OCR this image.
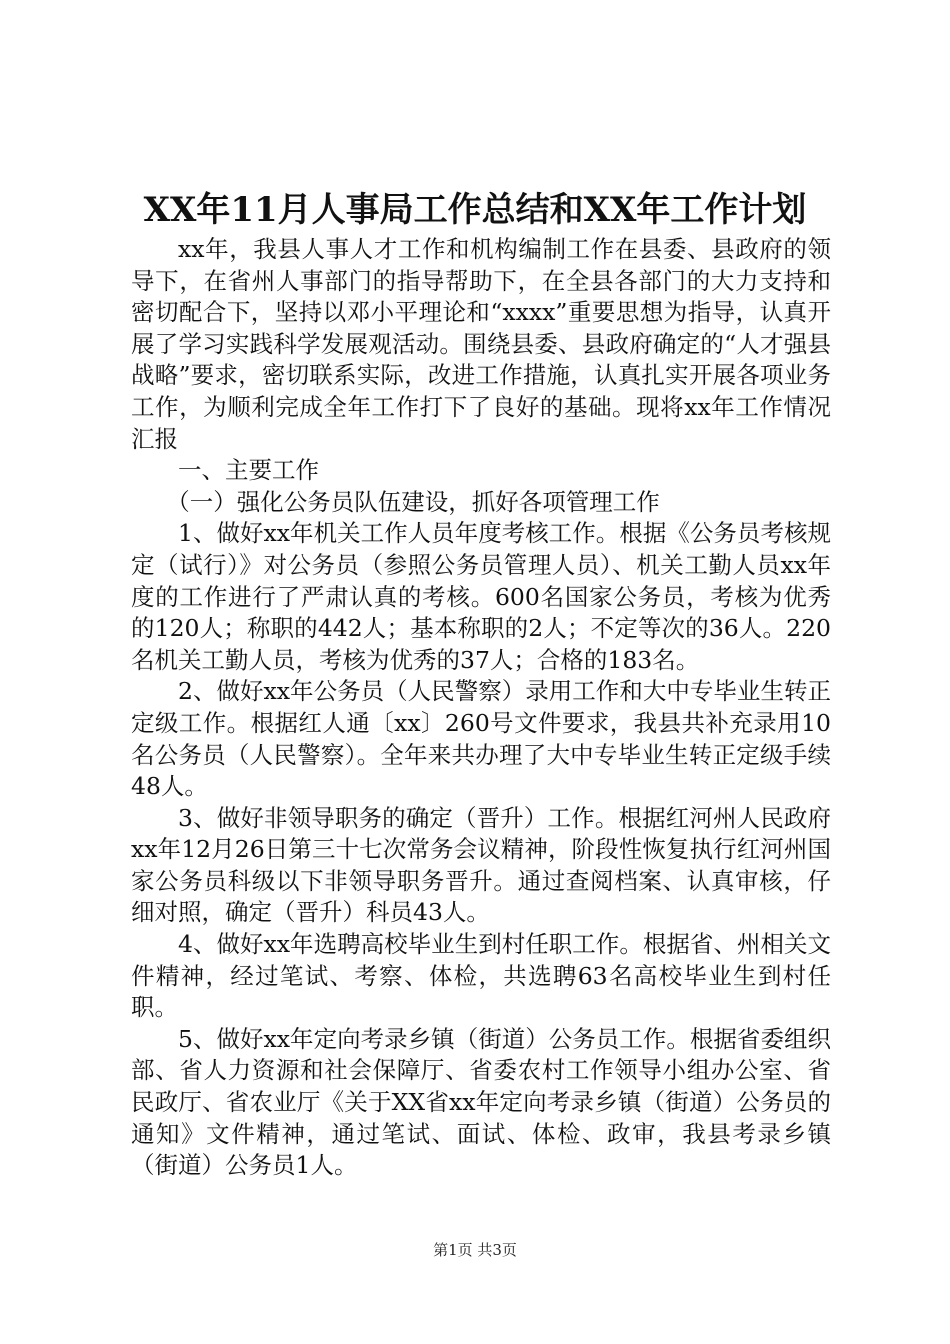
XX年11月人事局工作总结和XX年工作计划

xx年，我县人事人才工作和机构编制工作在县委、县政府的领导下，在省州人事部门的指导帮助下，在全县各部门的大力支持和密切配合下，坚持以邓小平理论和“xxxx”重要思想为指导，认真开展了学习实践科学发展观活动。围绕县委、县政府确定的“人才强县战略”要求，密切联系实际，改进工作措施，认真扎实开展各项业务工作，为顺利完成全年工作打下了良好的基础。现将xx年工作情况汇报

一、主要工作

（一）强化公务员队伍建设，抓好各项管理工作

1、做好xx年机关工作人员年度考核工作。根据《公务员考核规定（试行）》对公务员（参照公务员管理人员）、机关工勤人员xx年度的工作进行了严肃认真的考核。600名国家公务员，考核为优秀的120人；称职的442人；基本称职的2人；不定等次的36人。220名机关工勤人员，考核为优秀的37人；合格的183名。

2、做好xx年公务员（人民警察）录用工作和大中专毕业生转正定级工作。根据红人通〔xx〕260号文件要求，我县共补充录用10名公务员（人民警察）。全年来共办理了大中专毕业生转正定级手续48人。

3、做好非领导职务的确定（晋升）工作。根据红河州人民政府xx年12月26日第三十七次常务会议精神，阶段性恢复执行红河州国家公务员科级以下非领导职务晋升。通过查阅档案、认真审核，仔细对照，确定（晋升）科员43人。

4、做好xx年选聘高校毕业生到村任职工作。根据省、州相关文件精神，经过笔试、考察、体检，共选聘63名高校毕业生到村任职。

5、做好xx年定向考录乡镇（街道）公务员工作。根据省委组织部、省人力资源和社会保障厅、省委农村工作领导小组办公室、省民政厅、省农业厅《关于XX省xx年定向考录乡镇（街道）公务员的通知》文件精神，通过笔试、面试、体检、政审，我县考录乡镇（街道）公务员1人。

第1页 共3页
